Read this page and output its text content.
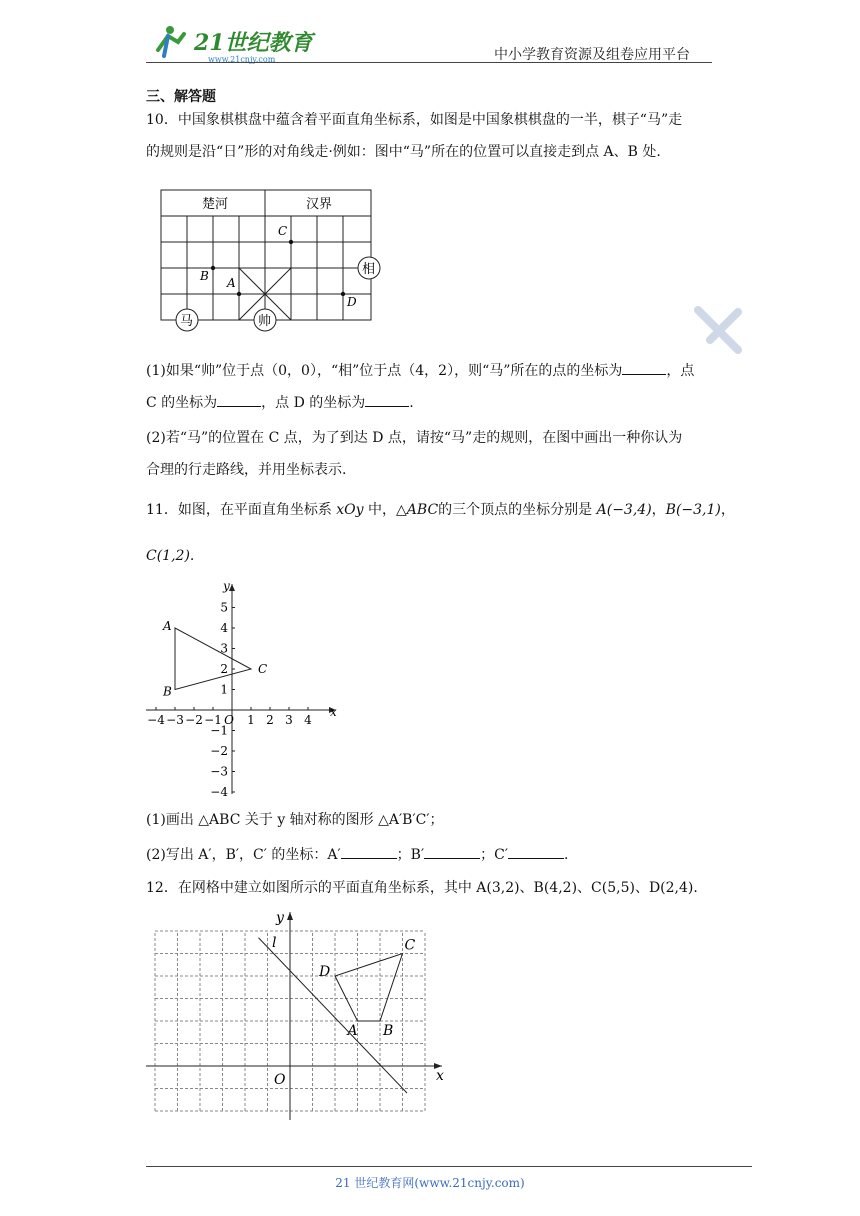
21世纪教育
www.21cnjy.com	中小学教育资源及组卷应用平台
三、解答题
10．中国象棋棋盘中蕴含着平面直角坐标系，如图是中国象棋棋盘的一半，棋子“马”走
的规则是沿“日”形的对角线走·例如：图中“马”所在的位置可以直接走到点 A、B 处.
楚河	汉界
C
B A
D
相
马	帅
(1)如果“帅”位于点（0，0），“相”位于点（4，2），则“马”所在的点的坐标为	，点
C 的坐标为	，点 D 的坐标为	.
(2)若“马”的位置在 C 点，为了到达 D 点，请按“马”走的规则，在图中画出一种你认为
合理的行走路线，并用坐标表示.
11．如图，在平面直角坐标系 xOy 中，△ABC的三个顶点的坐标分别是 A(−3,4)，B(−3,1)，
C(1,2).
x
y
−4 −3 −2 −1 1 2 3 4
O
5
4
3
2
1
−1
−2
−3
−4
A
B
C
(1)画出 △ABC 关于 y 轴对称的图形 △A′B′C′；
(2)写出 A′，B′，C′ 的坐标：A′	；B′	；C′	.
12．在网格中建立如图所示的平面直角坐标系，其中 A(3,2)、B(4,2)、C(5,5)、D(2,4).
x
y
O
l
A B
C
D
21 世纪教育网(www.21cnjy.com)
